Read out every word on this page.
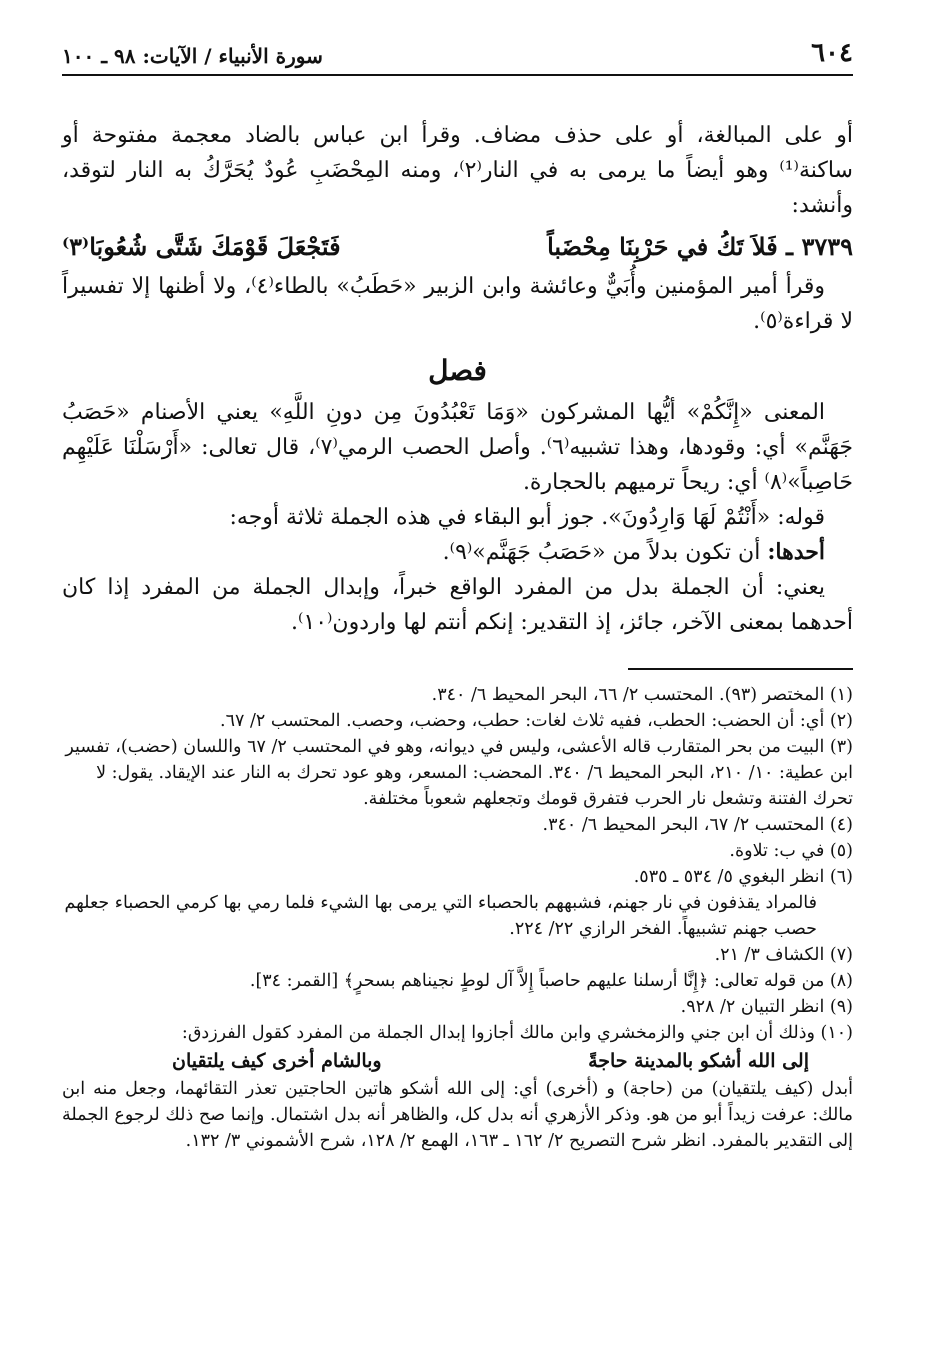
٦٠٤
سورة الأنبياء / الآيات: ٩٨ ـ ١٠٠

أو على المبالغة، أو على حذف مضاف. وقرأ ابن عباس بالضاد معجمة مفتوحة أو ساكنة⁽¹⁾ وهو أيضاً ما يرمى به في النار⁽٢⁾، ومنه المِحْضَبِ عُودٌ يُحَرَّكُ به النار لتوقد، وأنشد:

٣٧٣٩ ـ فَلاَ تَكُ في حَرْبِنَا مِحْضَباً
فَتَجْعَلَ قَوْمَكَ شَتَّى شُعُوبَا⁽٣⁾

وقرأ أمير المؤمنين وأُبَيٌّ وعائشة وابن الزبير «حَطَبُ» بالطاء⁽٤⁾، ولا أظنها إلا تفسيراً لا قراءة⁽٥⁾.

فصل

المعنى «إِنَّكُمْ» أيُّها المشركون «وَمَا تَعْبُدُونَ مِن دونِ اللَّهِ» يعني الأصنام «حَصَبُ جَهَنَّم» أي: وقودها، وهذا تشبيه⁽٦⁾. وأصل الحصب الرمي⁽٧⁾، قال تعالى: «أَرْسَلْنَا عَلَيْهِم حَاصِباً»⁽٨⁾ أي: ريحاً ترميهم بالحجارة.

قوله: «أَنْتُمْ لَهَا وَارِدُونَ». جوز أبو البقاء في هذه الجملة ثلاثة أوجه:

أحدها: أن تكون بدلاً من «حَصَبُ جَهَنَّم»⁽٩⁾.

يعني: أن الجملة بدل من المفرد الواقع خبراً، وإبدال الجملة من المفرد إذا كان أحدهما بمعنى الآخر، جائز، إذ التقدير: إنكم أنتم لها واردون⁽١٠⁾.

(١) المختصر (٩٣). المحتسب ٢/ ٦٦، البحر المحيط ٦/ ٣٤٠.

(٢) أي: أن الحضب: الحطب، ففيه ثلاث لغات: حطب، وحضب، وحصب. المحتسب ٢/ ٦٧.

(٣) البيت من بحر المتقارب قاله الأعشى، وليس في ديوانه، وهو في المحتسب ٢/ ٦٧ واللسان (حضب)، تفسير ابن عطية: ١٠/ ٢١٠، البحر المحيط ٦/ ٣٤٠. المحضب: المسعر، وهو عود تحرك به النار عند الإيقاد. يقول: لا تحرك الفتنة وتشعل نار الحرب فتفرق قومك وتجعلهم شعوباً مختلفة.

(٤) المحتسب ٢/ ٦٧، البحر المحيط ٦/ ٣٤٠.

(٥) في ب: تلاوة.

(٦) انظر البغوي ٥/ ٥٣٤ ـ ٥٣٥.

فالمراد يقذفون في نار جهنم، فشبههم بالحصباء التي يرمى بها الشيء فلما رمي بها كرمي الحصباء جعلهم حصب جهنم تشبيهاً. الفخر الرازي ٢٢/ ٢٢٤.

(٧) الكشاف ٣/ ٢١.

(٨) من قوله تعالى: ﴿إِنَّا أرسلنا عليهم حاصباً إِلاَّ آل لوطٍ نجيناهم بسحرٍ﴾ [القمر: ٣٤].

(٩) انظر التبيان ٢/ ٩٢٨.

(١٠) وذلك أن ابن جني والزمخشري وابن مالك أجازوا إبدال الجملة من المفرد كقول الفرزدق:

إلى الله أشكو بالمدينة حاجةً
وبالشام أخرى كيف يلتقيان

أبدل (كيف يلتقيان) من (حاجة) و (أخرى) أي: إلى الله أشكو هاتين الحاجتين تعذر التقائهما، وجعل منه ابن مالك: عرفت زيداً أبو من هو. وذكر الأزهري أنه بدل كل، والظاهر أنه بدل اشتمال. وإنما صح ذلك لرجوع الجملة إلى التقدير بالمفرد. انظر شرح التصريح ٢/ ١٦٢ ـ ١٦٣، الهمع ٢/ ١٢٨، شرح الأشموني ٣/ ١٣٢.
